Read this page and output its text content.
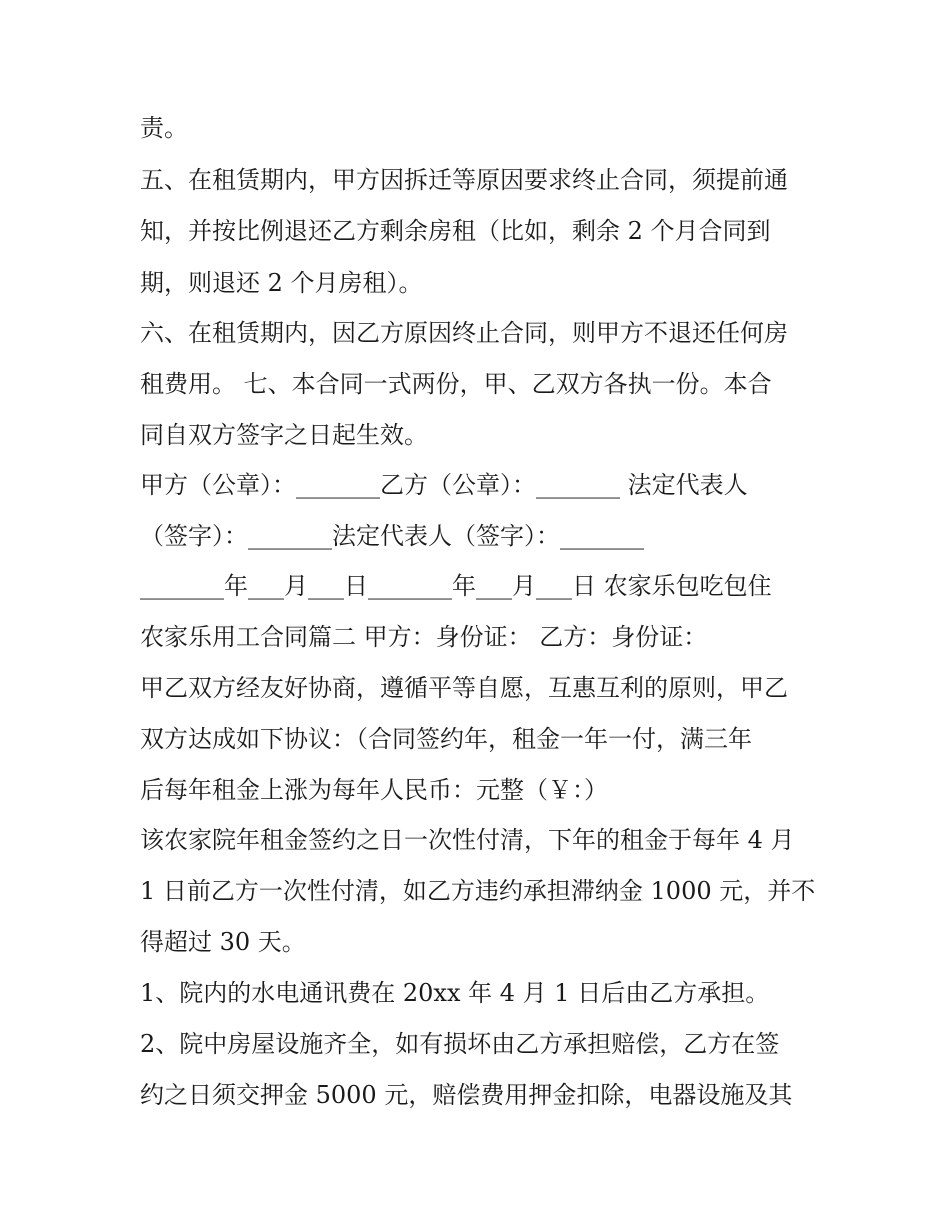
责。
五、在租赁期内，甲方因拆迁等原因要求终止合同，须提前通
知，并按比例退还乙方剩余房租（比如，剩余 2 个月合同到
期，则退还 2 个月房租）。
六、在租赁期内，因乙方原因终止合同，则甲方不退还任何房
租费用。 七、本合同一式两份，甲、乙双方各执一份。本合
同自双方签字之日起生效。
甲方（公章）：_______乙方（公章）：_______ 法定代表人
（签字）：_______法定代表人（签字）：_______
_______年___月___日_______年___月___日 农家乐包吃包住
农家乐用工合同篇二 甲方：身份证： 乙方：身份证：
甲乙双方经友好协商，遵循平等自愿，互惠互利的原则，甲乙
双方达成如下协议：（合同签约年，租金一年一付，满三年
后每年租金上涨为每年人民币：元整（￥：）
该农家院年租金签约之日一次性付清，下年的租金于每年 4 月
1 日前乙方一次性付清，如乙方违约承担滞纳金 1000 元，并不
得超过 30 天。
1、院内的水电通讯费在 20xx 年 4 月 1 日后由乙方承担。
2、院中房屋设施齐全，如有损坏由乙方承担赔偿，乙方在签
约之日须交押金 5000 元，赔偿费用押金扣除，电器设施及其
